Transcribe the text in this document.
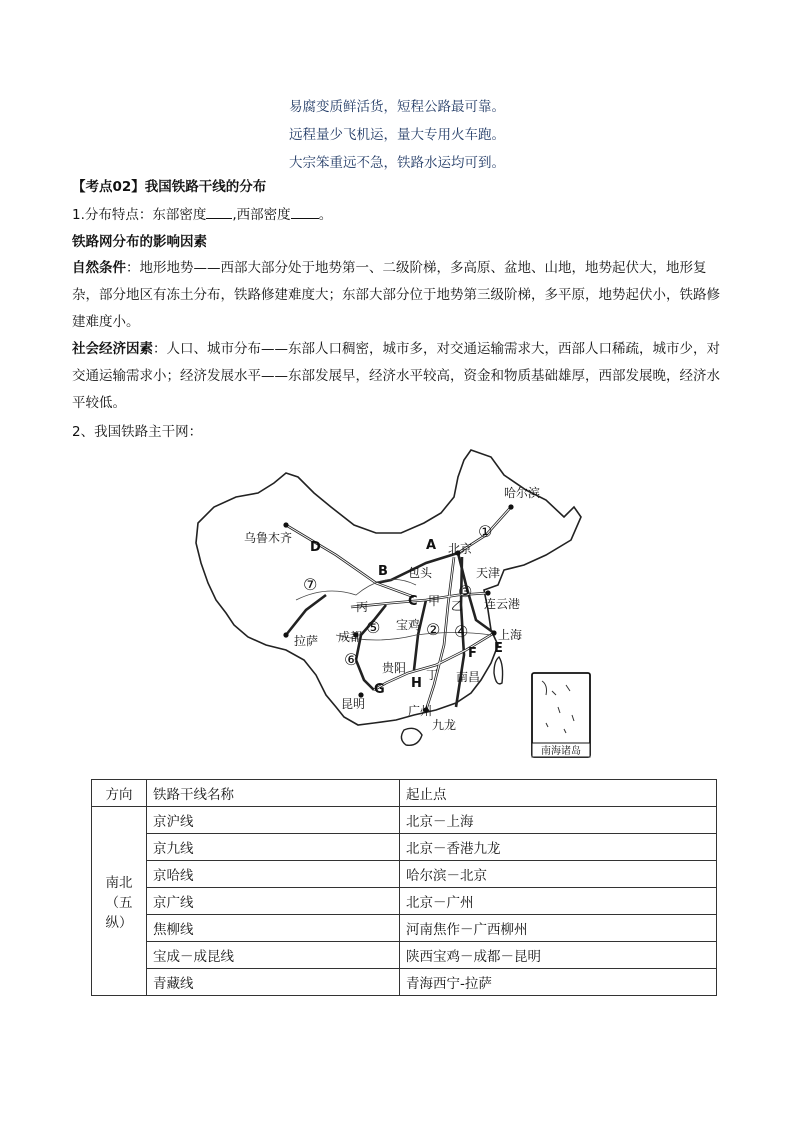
易腐变质鲜活货，短程公路最可靠。
远程量少飞机运，量大专用火车跑。
大宗笨重远不急，铁路水运均可到。
【考点02】我国铁路干线的分布
1.分布特点：东部密度 ,西部密度 。
铁路网分布的影响因素
自然条件：地形地势——西部大部分处于地势第一、二级阶梯，多高原、盆地、山地，地势起伏大，地形复杂，部分地区有冻土分布，铁路修建难度大；东部大部分位于地势第三级阶梯，多平原，地势起伏小，铁路修建难度小。
社会经济因素：人口、城市分布——东部人口稠密，城市多，对交通运输需求大，西部人口稀疏，城市少，对交通运输需求小；经济发展水平——东部发展早，经济水平较高，资金和物质基础雄厚，西部发展晚，经济水平较低。
2、我国铁路主干网：
哈尔滨
乌鲁木齐
北京
包头	天津
连云港
拉萨 成都
宝鸡
上海
贵阳
南昌
昆明	广州
九龙
A
B
C
D
E
F
G H
甲 乙
丙
丁
①
②
③
④
⑤
⑥
⑦
南海诸岛
方向	铁路干线名称	起止点

南北
（五
纵）	京沪线	北京－上海
	京九线	北京－香港九龙
	京哈线	哈尔滨－北京
	京广线	北京－广州
	焦柳线	河南焦作－广西柳州
	宝成－成昆线	陕西宝鸡－成都－昆明
	青藏线	青海西宁-拉萨
